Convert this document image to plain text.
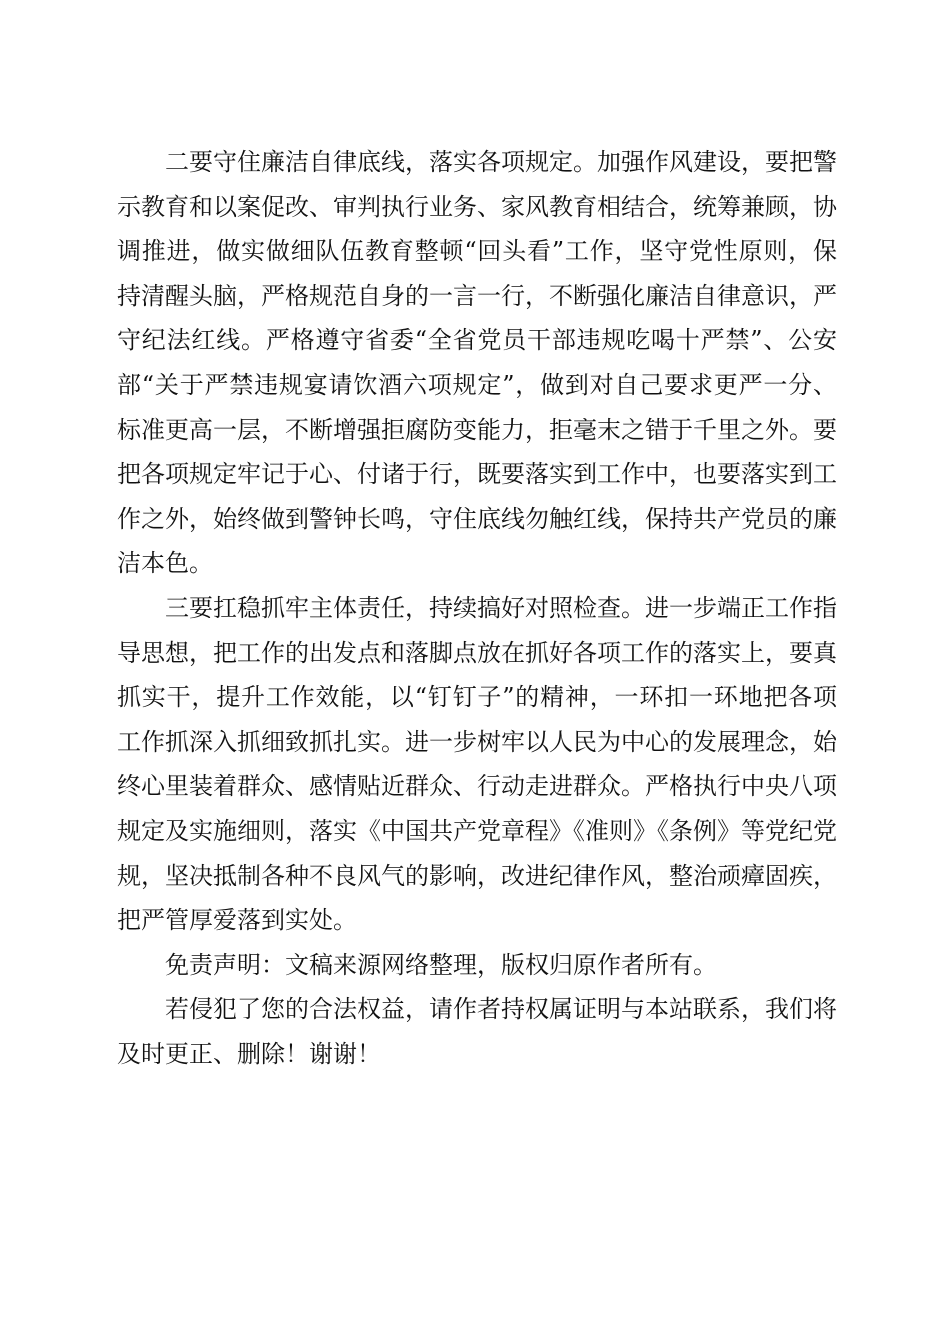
二要守住廉洁自律底线，落实各项规定。加强作风建设，要把警示教育和以案促改、审判执行业务、家风教育相结合，统筹兼顾，协调推进，做实做细队伍教育整顿“回头看”工作，坚守党性原则，保持清醒头脑，严格规范自身的一言一行，不断强化廉洁自律意识，严守纪法红线。严格遵守省委“全省党员干部违规吃喝十严禁”、公安部“关于严禁违规宴请饮酒六项规定”，做到对自己要求更严一分、标准更高一层，不断增强拒腐防变能力，拒毫末之错于千里之外。要把各项规定牢记于心、付诸于行，既要落实到工作中，也要落实到工作之外，始终做到警钟长鸣，守住底线勿触红线，保持共产党员的廉洁本色。

三要扛稳抓牢主体责任，持续搞好对照检查。进一步端正工作指导思想，把工作的出发点和落脚点放在抓好各项工作的落实上，要真抓实干，提升工作效能，以“钉钉子”的精神，一环扣一环地把各项工作抓深入抓细致抓扎实。进一步树牢以人民为中心的发展理念，始终心里装着群众、感情贴近群众、行动走进群众。严格执行中央八项规定及实施细则，落实《中国共产党章程》《准则》《条例》等党纪党规，坚决抵制各种不良风气的影响，改进纪律作风，整治顽瘴固疾，把严管厚爱落到实处。

免责声明：文稿来源网络整理，版权归原作者所有。

若侵犯了您的合法权益，请作者持权属证明与本站联系，我们将及时更正、删除！谢谢！
